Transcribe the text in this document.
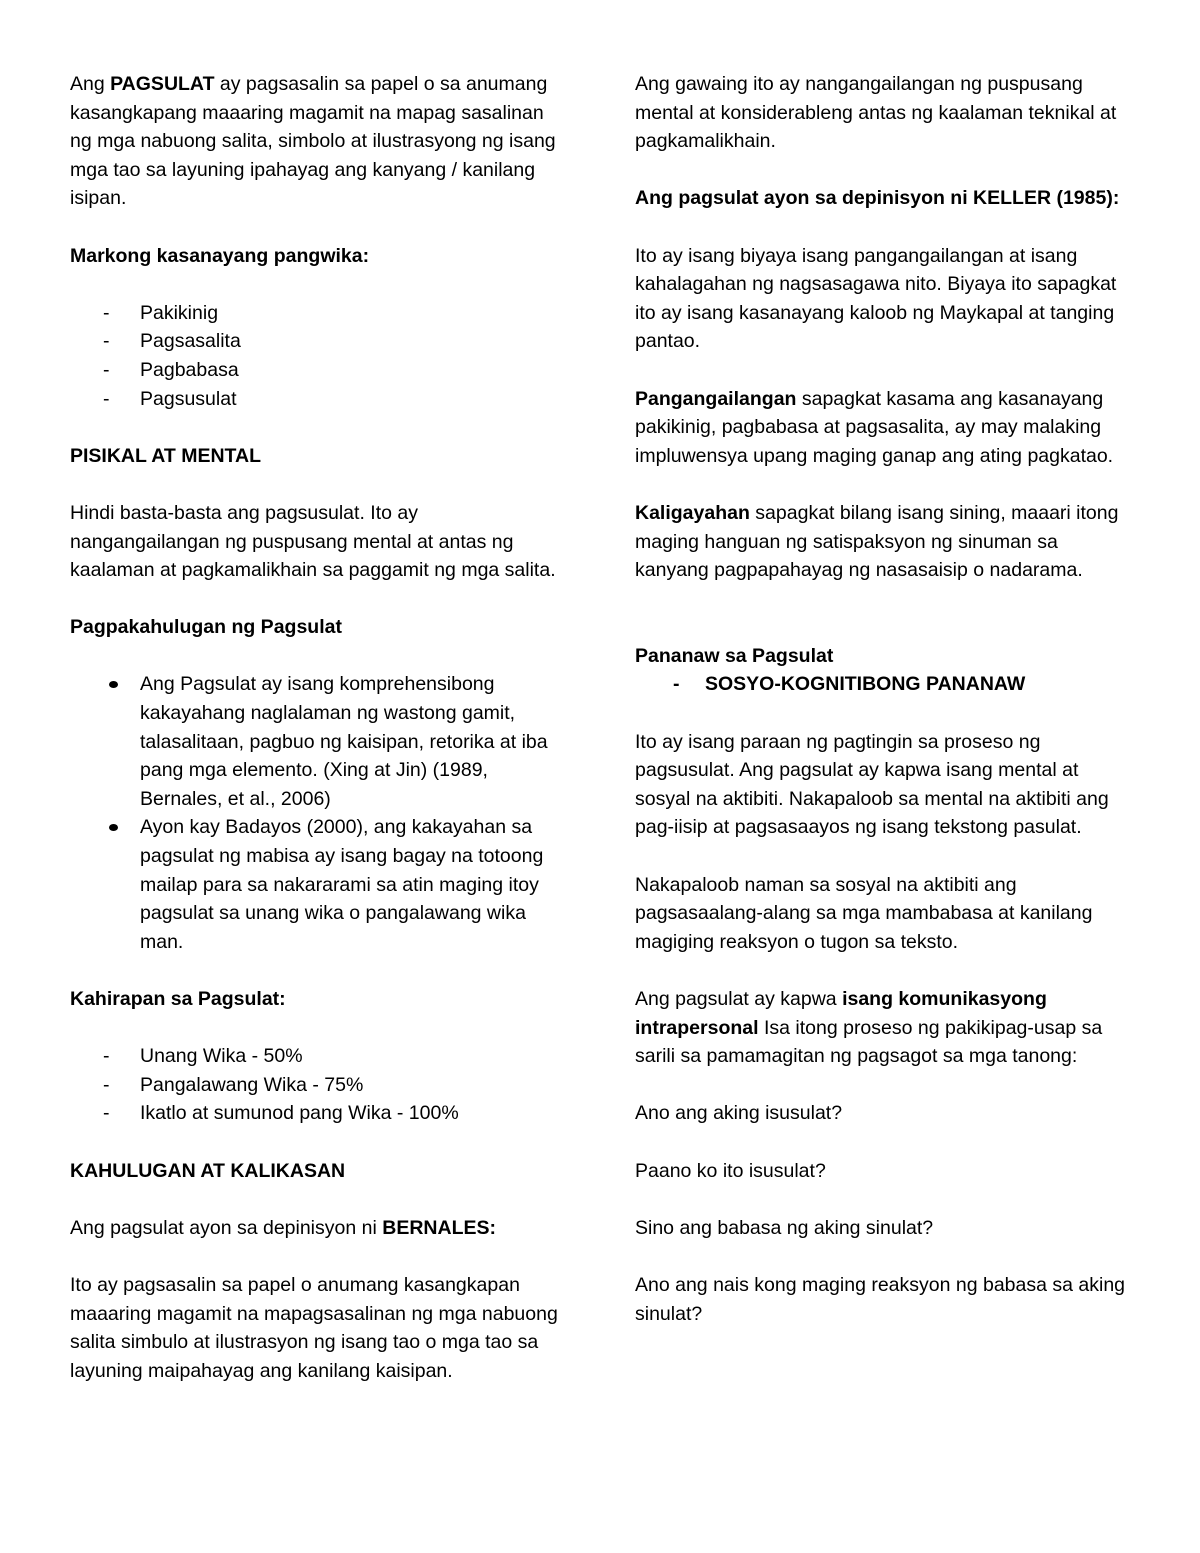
Ang PAGSULAT ay pagsasalin sa papel o sa anumang kasangkapang maaaring magamit na mapag sasalinan ng mga nabuong salita, simbolo at ilustrasyong ng isang mga tao sa layuning ipahayag ang kanyang / kanilang isipan.

Markong kasanayang pangwika:

- Pakikinig
- Pagsasalita
- Pagbabasa
- Pagsusulat

PISIKAL AT MENTAL

Hindi basta-basta ang pagsusulat. Ito ay nangangailangan ng puspusang mental at antas ng kaalaman at pagkamalikhain sa paggamit ng mga salita.

Pagpakahulugan ng Pagsulat

Ang Pagsulat ay isang komprehensibong kakayahang naglalaman ng wastong gamit, talasalitaan, pagbuo ng kaisipan, retorika at iba pang mga elemento. (Xing at Jin) (1989, Bernales, et al., 2006)
Ayon kay Badayos (2000), ang kakayahan sa pagsulat ng mabisa ay isang bagay na totoong mailap para sa nakararami sa atin maging itoy pagsulat sa unang wika o pangalawang wika man.

Kahirapan sa Pagsulat:

- Unang Wika - 50%
- Pangalawang Wika - 75%
- Ikatlo at sumunod pang Wika - 100%

KAHULUGAN AT KALIKASAN

Ang pagsulat ayon sa depinisyon ni BERNALES:

Ito ay pagsasalin sa papel o anumang kasangkapan maaaring magamit na mapagsasalinan ng mga nabuong salita simbulo at ilustrasyon ng isang tao o mga tao sa layuning maipahayag ang kanilang kaisipan.

Ang gawaing ito ay nangangailangan ng puspusang mental at konsiderableng antas ng kaalaman teknikal at pagkamalikhain.

Ang pagsulat ayon sa depinisyon ni KELLER (1985):

Ito ay isang biyaya isang pangangailangan at isang kahalagahan ng nagsasagawa nito. Biyaya ito sapagkat ito ay isang kasanayang kaloob ng Maykapal at tanging pantao.

Pangangailangan sapagkat kasama ang kasanayang pakikinig, pagbabasa at pagsasalita, ay may malaking impluwensya upang maging ganap ang ating pagkatao.

Kaligayahan sapagkat bilang isang sining, maaari itong maging hanguan ng satispaksyon ng sinuman sa kanyang pagpapahayag ng nasasaisip o nadarama.

Pananaw sa Pagsulat

- SOSYO-KOGNITIBONG PANANAW

Ito ay isang paraan ng pagtingin sa proseso ng pagsusulat. Ang pagsulat ay kapwa isang mental at sosyal na aktibiti. Nakapaloob sa mental na aktibiti ang pag-iisip at pagsasaayos ng isang tekstong pasulat.

Nakapaloob naman sa sosyal na aktibiti ang pagsasaalang-alang sa mga mambabasa at kanilang magiging reaksyon o tugon sa teksto.

Ang pagsulat ay kapwa isang komunikasyong intrapersonal Isa itong proseso ng pakikipag-usap sa sarili sa pamamagitan ng pagsagot sa mga tanong:

Ano ang aking isusulat?

Paano ko ito isusulat?

Sino ang babasa ng aking sinulat?

Ano ang nais kong maging reaksyon ng babasa sa aking sinulat?
